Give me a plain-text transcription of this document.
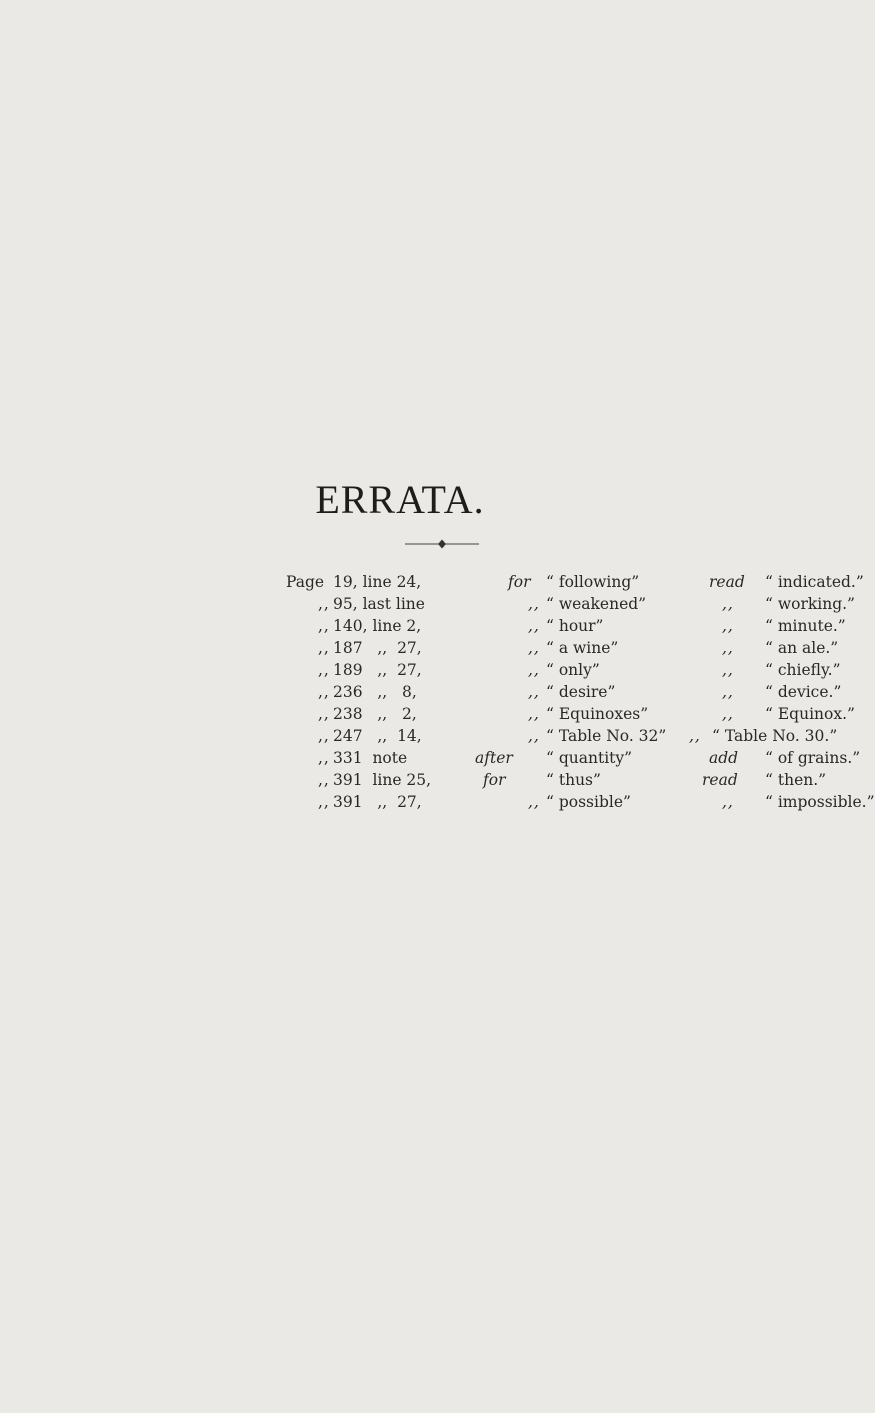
ERRATA.
Page 19, line 24,	for “ following”	read “ indicated.”
,, 95, last line	,, “ weakened”	,, “ working.”
,, 140, line 2,	,, “ hour”	,, “ minute.”
,, 187   ,,  27,	,, “ a wine”	,, “ an ale.”
,, 189   ,,  27,	,, “ only”	,, “ chiefly.”
,, 236   ,,   8,	,, “ desire”	,, “ device.”
,, 238   ,,   2,	,, “ Equinoxes”	,, “ Equinox.”
,, 247   ,,  14,	,, “ Table No. 32” ,, “ Table No. 30.”
,, 331  note	after “ quantity”	add “ of grains.”
,, 391  line 25,	for	“ thus”	read “ then.”
,, 391   ,,  27,	,, “ possible”	,, “ impossible.”
